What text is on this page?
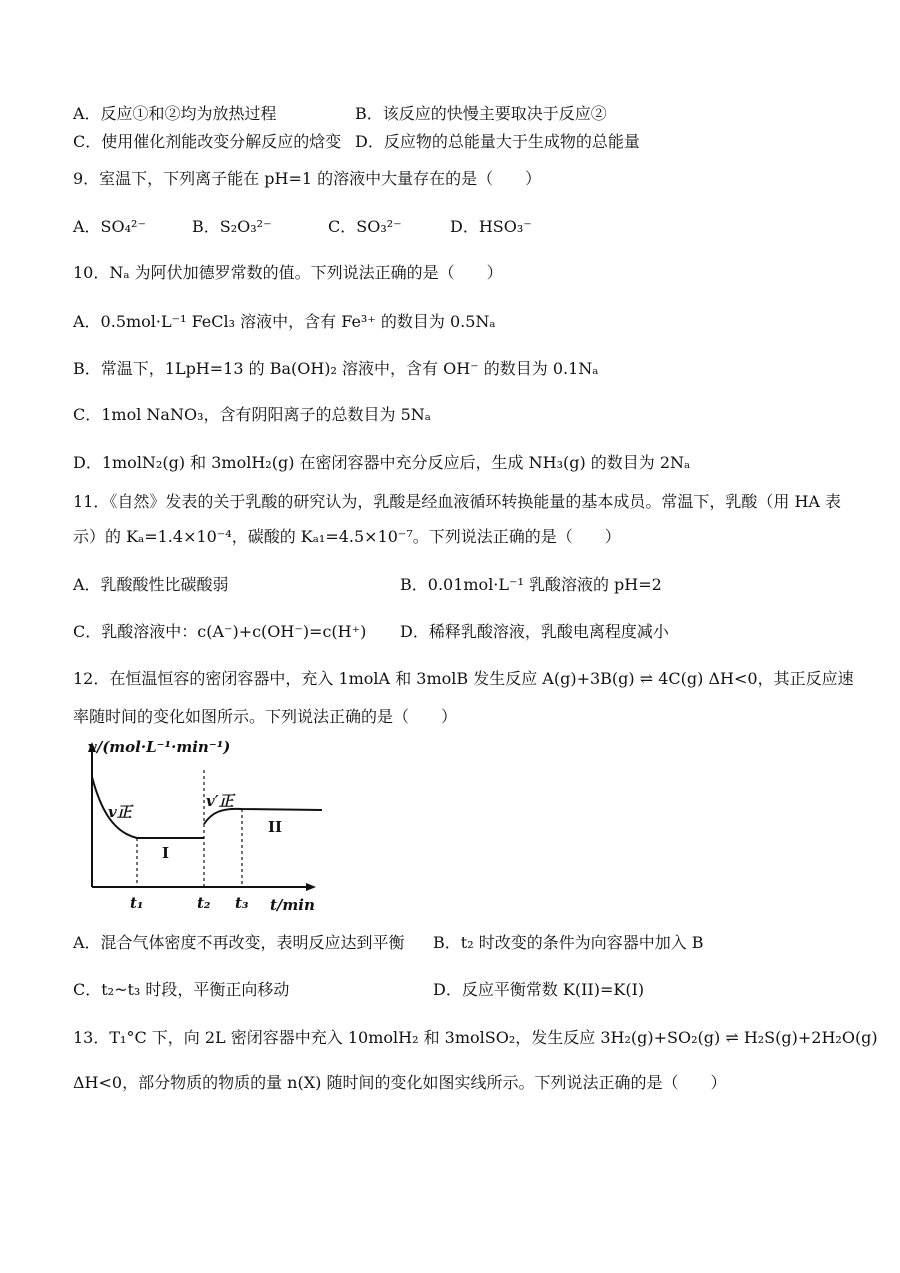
A．反应①和②均为放热过程	B．该反应的快慢主要取决于反应②
C．使用催化剂能改变分解反应的焓变 D．反应物的总能量大于生成物的总能量
9．室温下，下列离子能在 pH=1 的溶液中大量存在的是（　　）
A．SO₄²⁻	B．S₂O₃²⁻	C．SO₃²⁻	D．HSO₃⁻
10．Nₐ 为阿伏加德罗常数的值。下列说法正确的是（　　）
A．0.5mol·L⁻¹ FeCl₃ 溶液中，含有 Fe³⁺ 的数目为 0.5Nₐ
B．常温下，1LpH=13 的 Ba(OH)₂ 溶液中，含有 OH⁻ 的数目为 0.1Nₐ
C．1mol NaNO₃，含有阴阳离子的总数目为 5Nₐ
D．1molN₂(g) 和 3molH₂(g) 在密闭容器中充分反应后，生成 NH₃(g) 的数目为 2Nₐ
11．《自然》发表的关于乳酸的研究认为，乳酸是经血液循环转换能量的基本成员。常温下，乳酸（用 HA 表
示）的 Kₐ=1.4×10⁻⁴，碳酸的 Kₐ₁=4.5×10⁻⁷。下列说法正确的是（　　）
A．乳酸酸性比碳酸弱	B．0.01mol·L⁻¹ 乳酸溶液的 pH=2
C．乳酸溶液中：c(A⁻)+c(OH⁻)=c(H⁺) D．稀释乳酸溶液，乳酸电离程度减小
12．在恒温恒容的密闭容器中，充入 1molA 和 3molB 发生反应 A(g)+3B(g) ⇌ 4C(g) ΔH<0，其正反应速
率随时间的变化如图所示。下列说法正确的是（　　）
v/(mol·L⁻¹·min⁻¹)
v正
v′正
I
II
t₁	t₂ t₃ t/min
A．混合气体密度不再改变，表明反应达到平衡 B．t₂ 时改变的条件为向容器中加入 B
C．t₂~t₃ 时段，平衡正向移动	D．反应平衡常数 K(II)=K(I)
13．T₁°C 下，向 2L 密闭容器中充入 10molH₂ 和 3molSO₂，发生反应 3H₂(g)+SO₂(g) ⇌ H₂S(g)+2H₂O(g)
ΔH<0，部分物质的物质的量 n(X) 随时间的变化如图实线所示。下列说法正确的是（　　）
